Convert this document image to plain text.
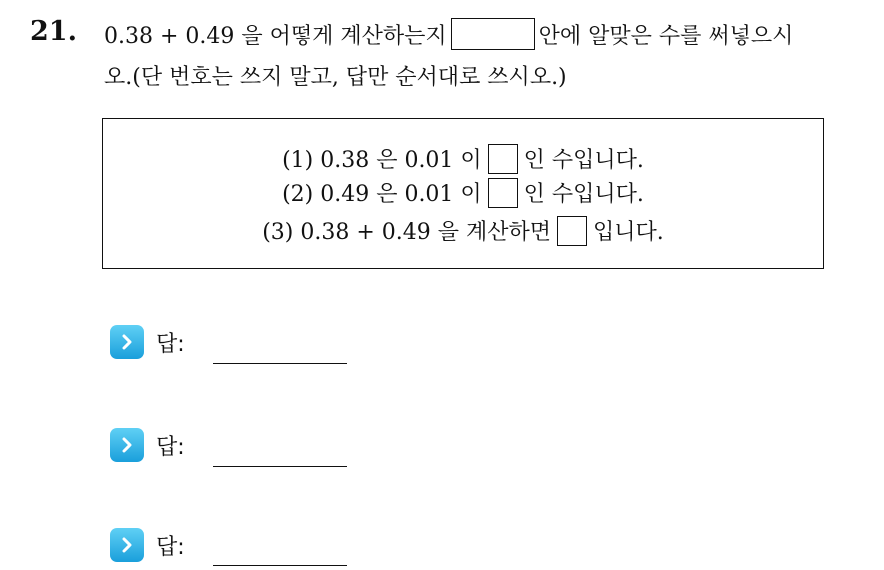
21. 0.38 + 0.49 을 어떻게 계산하는지	안에 알맞은 수를 써넣으시
오.(단 번호는 쓰지 말고, 답만 순서대로 쓰시오.)
(1) 0.38 은 0.01 이 인 수입니다.
(2) 0.49 은 0.01 이 인 수입니다.
(3) 0.38 + 0.49 을 계산하면 입니다.
답:
답:
답:
